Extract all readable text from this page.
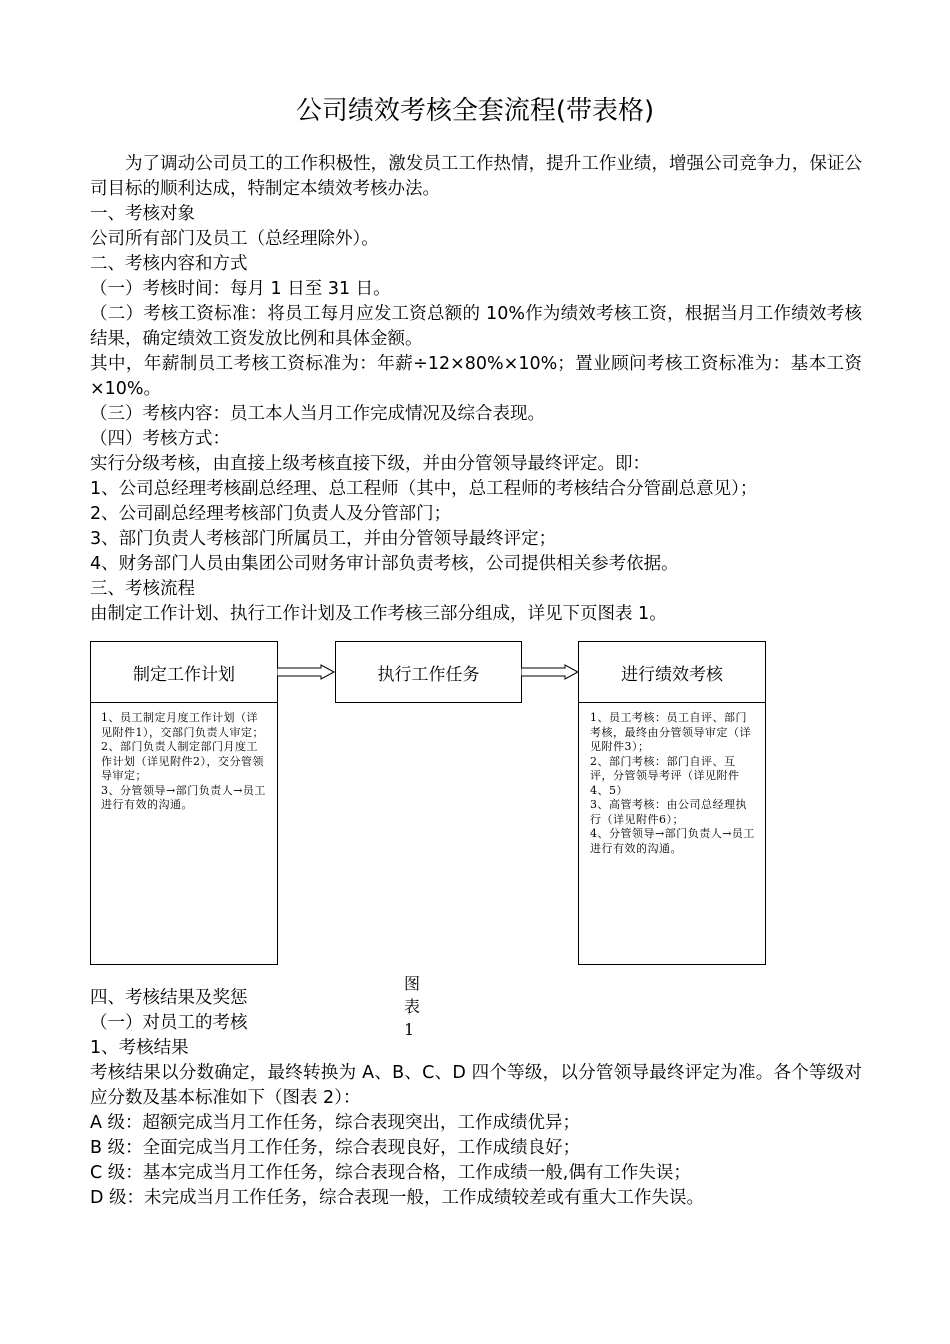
公司绩效考核全套流程(带表格)

为了调动公司员工的工作积极性，激发员工工作热情，提升工作业绩，增强公司竞争力，保证公司目标的顺利达成，特制定本绩效考核办法。

一、考核对象

公司所有部门及员工（总经理除外）。

二、考核内容和方式

（一）考核时间：每月 1 日至 31 日。

（二）考核工资标准：将员工每月应发工资总额的 10%作为绩效考核工资，根据当月工作绩效考核结果，确定绩效工资发放比例和具体金额。

其中，年薪制员工考核工资标准为：年薪÷12×80%×10%；置业顾问考核工资标准为：基本工资×10%。

（三）考核内容：员工本人当月工作完成情况及综合表现。

（四）考核方式：

实行分级考核，由直接上级考核直接下级，并由分管领导最终评定。即：

1、公司总经理考核副总经理、总工程师（其中，总工程师的考核结合分管副总意见）；

2、公司副总经理考核部门负责人及分管部门；

3、部门负责人考核部门所属员工，并由分管领导最终评定；

4、财务部门人员由集团公司财务审计部负责考核，公司提供相关参考依据。

三、考核流程

由制定工作计划、执行工作计划及工作考核三部分组成，详见下页图表 1。

制定工作计划

1、员工制定月度工作计划（详见附件1），交部门负责人审定；

2、部门负责人制定部门月度工作计划（详见附件2），交分管领导审定；

3、分管领导→部门负责人→员工进行有效的沟通。

执行工作任务	进行绩效考核

1、员工考核：员工自评、部门考核，最终由分管领导审定（详见附件3）；

2、部门考核：部门自评、互评，分管领导考评（详见附件4、5）

3、高管考核：由公司总经理执行（详见附件6）；

4、分管领导→部门负责人→员工进行有效的沟通。

图 表
1

四、考核结果及奖惩

（一）对员工的考核

1、考核结果

考核结果以分数确定，最终转换为 A、B、C、D 四个等级，以分管领导最终评定为准。各个等级对应分数及基本标准如下（图表 2）：

A 级：超额完成当月工作任务，综合表现突出，工作成绩优异；

B 级：全面完成当月工作任务，综合表现良好，工作成绩良好；

C 级：基本完成当月工作任务，综合表现合格，工作成绩一般,偶有工作失误；

D 级：未完成当月工作任务，综合表现一般，工作成绩较差或有重大工作失误。
